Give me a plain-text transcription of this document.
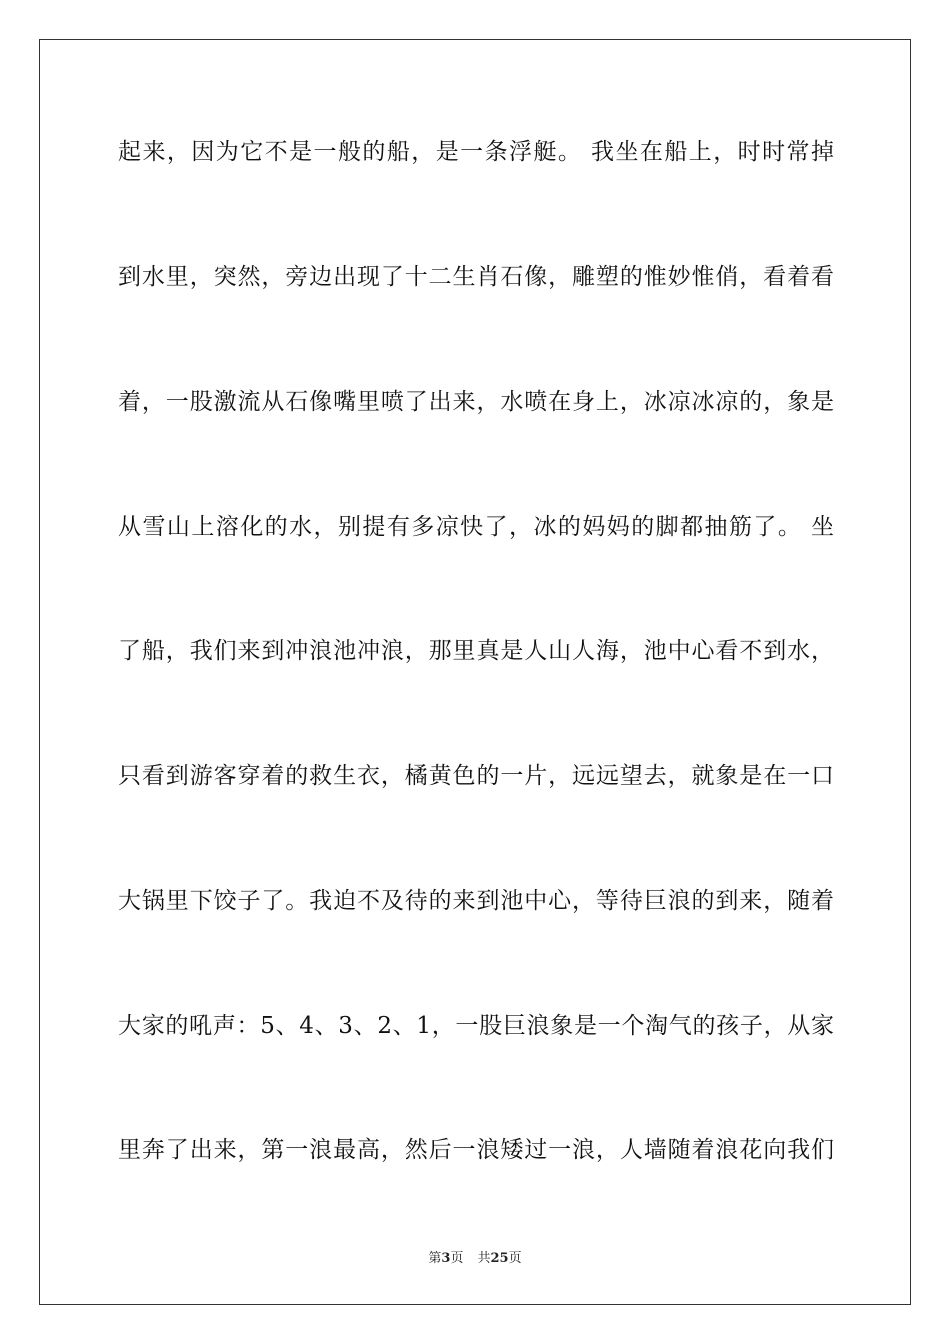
起来，因为它不是一般的船，是一条浮艇。 我坐在船上，时时常掉
到水里，突然，旁边出现了十二生肖石像，雕塑的惟妙惟俏，看着看
着，一股激流从石像嘴里喷了出来，水喷在身上，冰凉冰凉的，象是
从雪山上溶化的水，别提有多凉快了，冰的妈妈的脚都抽筋了。 坐
了船，我们来到冲浪池冲浪，那里真是人山人海，池中心看不到水，
只看到游客穿着的救生衣，橘黄色的一片，远远望去，就象是在一口
大锅里下饺子了。我迫不及待的来到池中心，等待巨浪的到来，随着
大家的吼声：5、4、3、2、1，一股巨浪象是一个淘气的孩子，从家
里奔了出来，第一浪最高，然后一浪矮过一浪，人墙随着浪花向我们
第3页 共25页
